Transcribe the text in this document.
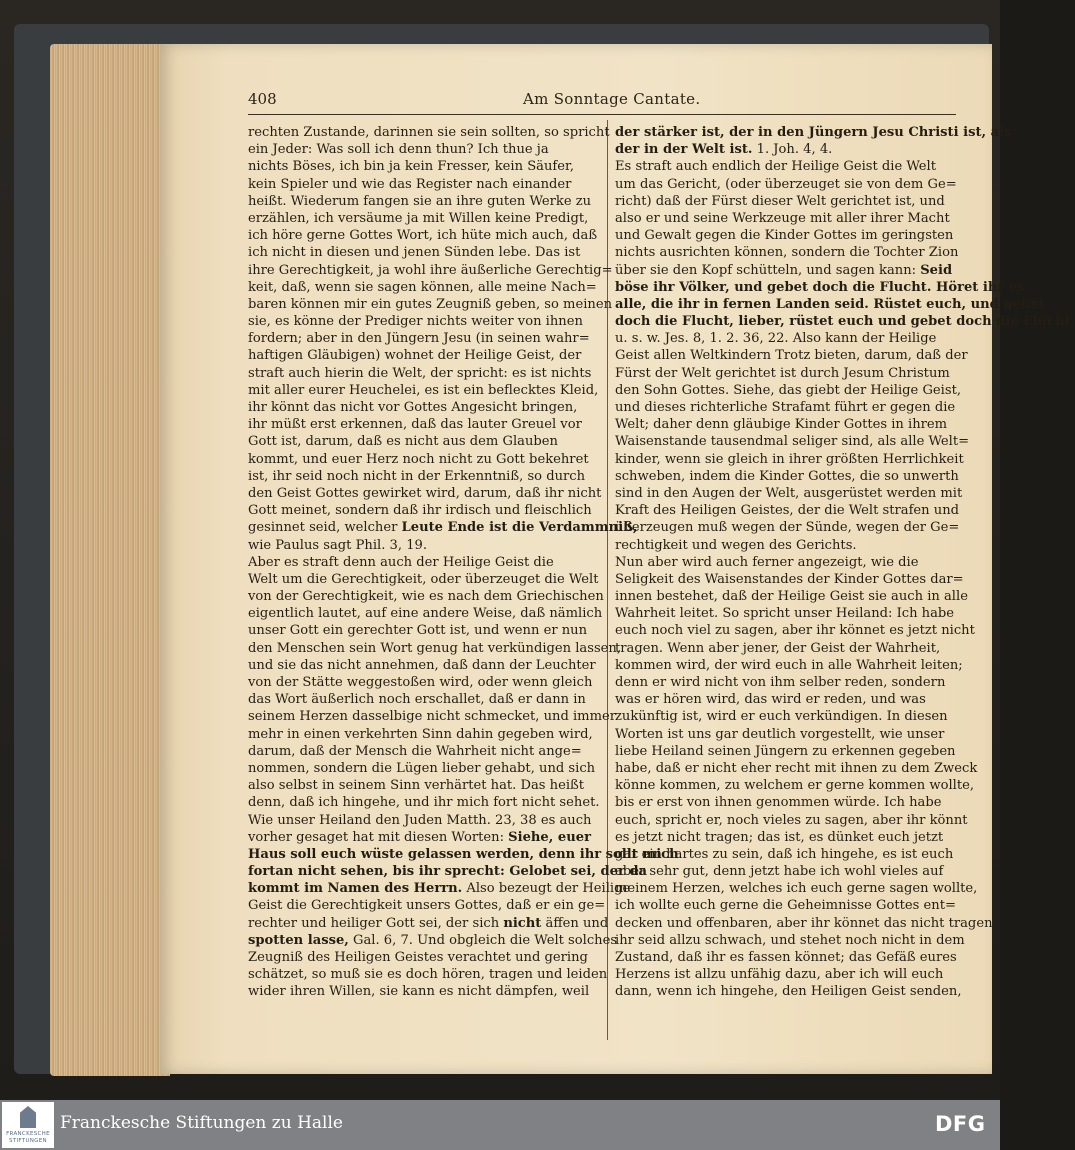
408	Am Sonntage Cantate.
rechten Zustande, darinnen sie sein sollten, so spricht
ein Jeder: Was soll ich denn thun? Ich thue ja
nichts Böses, ich bin ja kein Fresser, kein Säufer,
kein Spieler und wie das Register nach einander
heißt. Wiederum fangen sie an ihre guten Werke zu
erzählen, ich versäume ja mit Willen keine Predigt,
ich höre gerne Gottes Wort, ich hüte mich auch, daß
ich nicht in diesen und jenen Sünden lebe. Das ist
ihre Gerechtigkeit, ja wohl ihre äußerliche Gerechtig=
keit, daß, wenn sie sagen können, alle meine Nach=
baren können mir ein gutes Zeugniß geben, so meinen
sie, es könne der Prediger nichts weiter von ihnen
fordern; aber in den Jüngern Jesu (in seinen wahr=
haftigen Gläubigen) wohnet der Heilige Geist, der
straft auch hierin die Welt, der spricht: es ist nichts
mit aller eurer Heuchelei, es ist ein beflecktes Kleid,
ihr könnt das nicht vor Gottes Angesicht bringen,
ihr müßt erst erkennen, daß das lauter Greuel vor
Gott ist, darum, daß es nicht aus dem Glauben
kommt, und euer Herz noch nicht zu Gott bekehret
ist, ihr seid noch nicht in der Erkenntniß, so durch
den Geist Gottes gewirket wird, darum, daß ihr nicht
Gott meinet, sondern daß ihr irdisch und fleischlich
gesinnet seid, welcher Leute Ende ist die Verdammniß,
wie Paulus sagt Phil. 3, 19.
Aber es straft denn auch der Heilige Geist die
Welt um die Gerechtigkeit, oder überzeuget die Welt
von der Gerechtigkeit, wie es nach dem Griechischen
eigentlich lautet, auf eine andere Weise, daß nämlich
unser Gott ein gerechter Gott ist, und wenn er nun
den Menschen sein Wort genug hat verkündigen lassen,
und sie das nicht annehmen, daß dann der Leuchter
von der Stätte weggestoßen wird, oder wenn gleich
das Wort äußerlich noch erschallet, daß er dann in
seinem Herzen dasselbige nicht schmecket, und immer
mehr in einen verkehrten Sinn dahin gegeben wird,
darum, daß der Mensch die Wahrheit nicht ange=
nommen, sondern die Lügen lieber gehabt, und sich
also selbst in seinem Sinn verhärtet hat. Das heißt
denn, daß ich hingehe, und ihr mich fort nicht sehet.
Wie unser Heiland den Juden Matth. 23, 38 es auch
vorher gesaget hat mit diesen Worten: Siehe, euer
Haus soll euch wüste gelassen werden, denn ihr sollt mich
fortan nicht sehen, bis ihr sprecht: Gelobet sei, der da
kommt im Namen des Herrn. Also bezeugt der Heilige
Geist die Gerechtigkeit unsers Gottes, daß er ein ge=
rechter und heiliger Gott sei, der sich nicht äffen und
spotten lasse, Gal. 6, 7. Und obgleich die Welt solches
Zeugniß des Heiligen Geistes verachtet und gering
schätzet, so muß sie es doch hören, tragen und leiden
wider ihren Willen, sie kann es nicht dämpfen, weil
der stärker ist, der in den Jüngern Jesu Christi ist, als
der in der Welt ist. 1. Joh. 4, 4.
Es straft auch endlich der Heilige Geist die Welt
um das Gericht, (oder überzeuget sie von dem Ge=
richt) daß der Fürst dieser Welt gerichtet ist, und
also er und seine Werkzeuge mit aller ihrer Macht
und Gewalt gegen die Kinder Gottes im geringsten
nichts ausrichten können, sondern die Tochter Zion
über sie den Kopf schütteln, und sagen kann: Seid
böse ihr Völker, und gebet doch die Flucht. Höret ihr es
alle, die ihr in fernen Landen seid. Rüstet euch, und gebet
doch die Flucht, lieber, rüstet euch und gebet doch die Flucht,
u. s. w. Jes. 8, 1. 2. 36, 22. Also kann der Heilige
Geist allen Weltkindern Trotz bieten, darum, daß der
Fürst der Welt gerichtet ist durch Jesum Christum
den Sohn Gottes. Siehe, das giebt der Heilige Geist,
und dieses richterliche Strafamt führt er gegen die
Welt; daher denn gläubige Kinder Gottes in ihrem
Waisenstande tausendmal seliger sind, als alle Welt=
kinder, wenn sie gleich in ihrer größten Herrlichkeit
schweben, indem die Kinder Gottes, die so unwerth
sind in den Augen der Welt, ausgerüstet werden mit
Kraft des Heiligen Geistes, der die Welt strafen und
überzeugen muß wegen der Sünde, wegen der Ge=
rechtigkeit und wegen des Gerichts.
Nun aber wird auch ferner angezeigt, wie die
Seligkeit des Waisenstandes der Kinder Gottes dar=
innen bestehet, daß der Heilige Geist sie auch in alle
Wahrheit leitet. So spricht unser Heiland: Ich habe
euch noch viel zu sagen, aber ihr könnet es jetzt nicht
tragen. Wenn aber jener, der Geist der Wahrheit,
kommen wird, der wird euch in alle Wahrheit leiten;
denn er wird nicht von ihm selber reden, sondern
was er hören wird, das wird er reden, und was
zukünftig ist, wird er euch verkündigen. In diesen
Worten ist uns gar deutlich vorgestellt, wie unser
liebe Heiland seinen Jüngern zu erkennen gegeben
habe, daß er nicht eher recht mit ihnen zu dem Zweck
könne kommen, zu welchem er gerne kommen wollte,
bis er erst von ihnen genommen würde. Ich habe
euch, spricht er, noch vieles zu sagen, aber ihr könnt
es jetzt nicht tragen; das ist, es dünket euch jetzt
gar ein hartes zu sein, daß ich hingehe, es ist euch
aber sehr gut, denn jetzt habe ich wohl vieles auf
meinem Herzen, welches ich euch gerne sagen wollte,
ich wollte euch gerne die Geheimnisse Gottes ent=
decken und offenbaren, aber ihr könnet das nicht tragen;
ihr seid allzu schwach, und stehet noch nicht in dem
Zustand, daß ihr es fassen könnet; das Gefäß eures
Herzens ist allzu unfähig dazu, aber ich will euch
dann, wenn ich hingehe, den Heiligen Geist senden,
FRANCKESCHE STIFTUNGEN
Franckesche Stiftungen zu Halle	DFG
